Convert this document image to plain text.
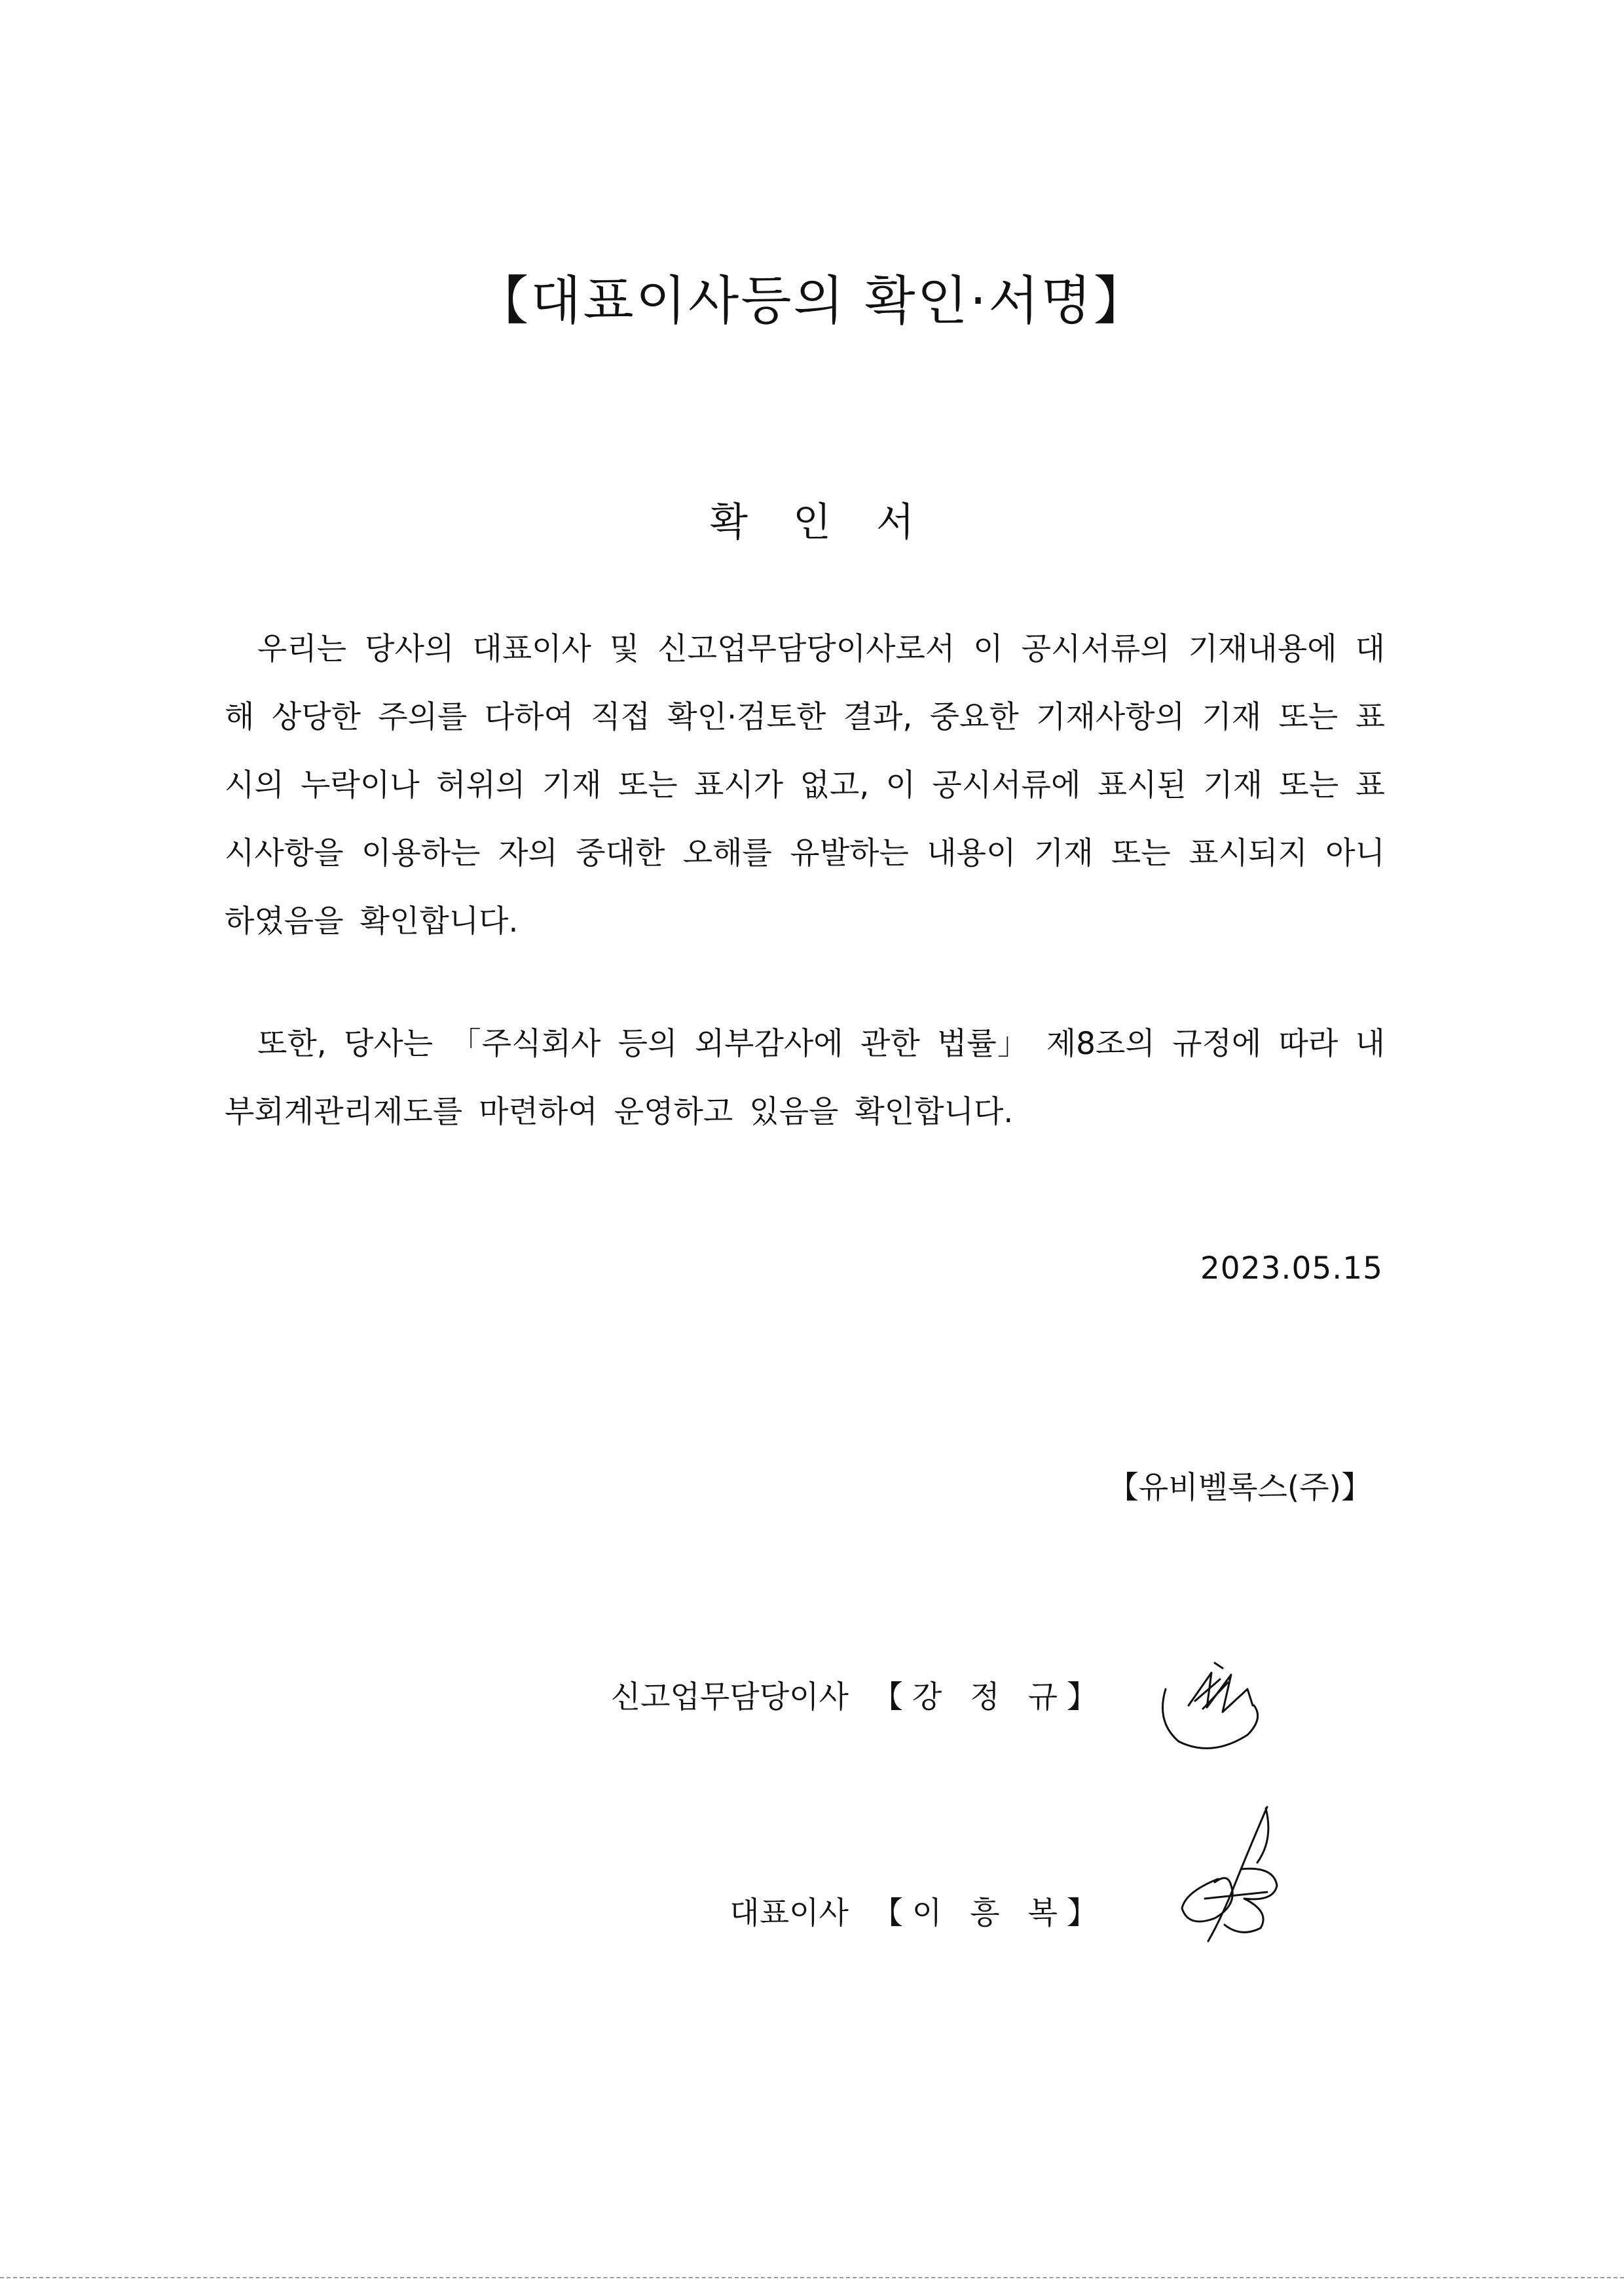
【대표이사등의 확인·서명】
확 인 서

우리는 당사의 대표이사 및 신고업무담당이사로서 이 공시서류의 기재내용에 대해 상당한 주의를 다하여 직접 확인·검토한 결과, 중요한 기재사항의 기재 또는 표시의 누락이나 허위의 기재 또는 표시가 없고, 이 공시서류에 표시된 기재 또는 표시사항을 이용하는 자의 중대한 오해를 유발하는 내용이 기재 또는 표시되지 아니하였음을 확인합니다.

또한, 당사는 「주식회사 등의 외부감사에 관한 법률」 제8조의 규정에 따라 내부회계관리제도를 마련하여 운영하고 있음을 확인합니다.

2023.05.15
【유비벨록스(주)】
신고업무담당이사 【강 정 규】
대표이사 【이 흥 복】
